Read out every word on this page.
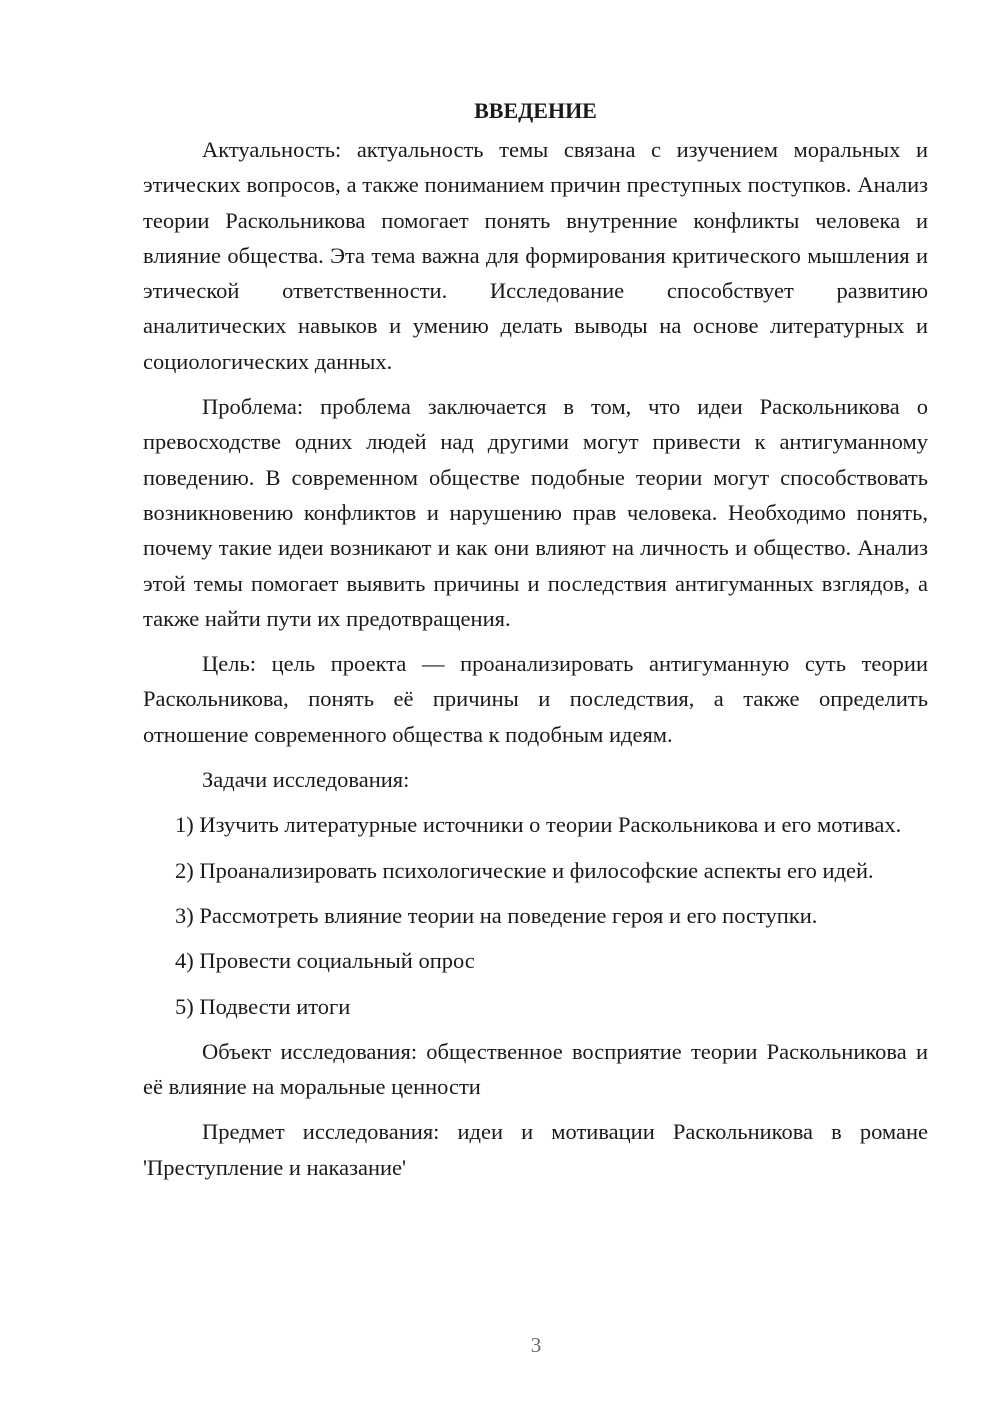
ВВЕДЕНИЕ

Актуальность: актуальность темы связана с изучением моральных и этических вопросов, а также пониманием причин преступных поступков. Анализ теории Раскольникова помогает понять внутренние конфликты человека и влияние общества. Эта тема важна для формирования критического мышления и этической ответственности. Исследование способствует развитию аналитических навыков и умению делать выводы на основе литературных и социологических данных.

Проблема: проблема заключается в том, что идеи Раскольникова о превосходстве одних людей над другими могут привести к антигуманному поведению. В современном обществе подобные теории могут способствовать возникновению конфликтов и нарушению прав человека. Необходимо понять, почему такие идеи возникают и как они влияют на личность и общество. Анализ этой темы помогает выявить причины и последствия антигуманных взглядов, а также найти пути их предотвращения.

Цель: цель проекта — проанализировать антигуманную суть теории Раскольникова, понять её причины и последствия, а также определить отношение современного общества к подобным идеям.

Задачи исследования:

1) Изучить литературные источники о теории Раскольникова и его мотивах.

2) Проанализировать психологические и философские аспекты его идей.

3) Рассмотреть влияние теории на поведение героя и его поступки.

4) Провести социальный опрос

5) Подвести итоги

Объект исследования: общественное восприятие теории Раскольникова и её влияние на моральные ценности

Предмет исследования: идеи и мотивации Раскольникова в романе 'Преступление и наказание'

3
